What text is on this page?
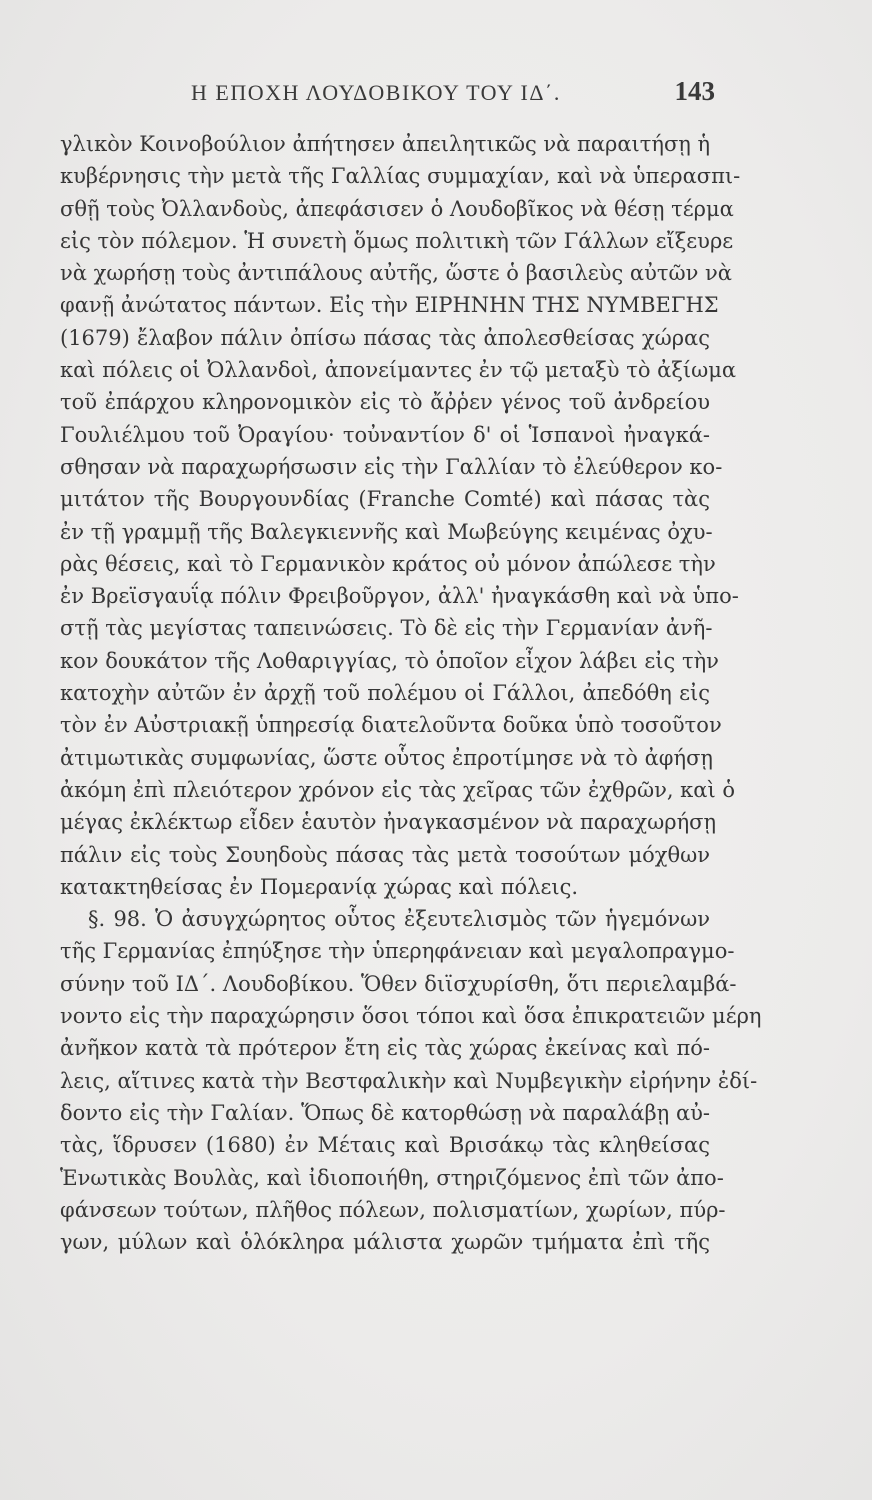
Η ΕΠΟΧΗ ΛΟΥΔΟΒΙΚΟΥ ΤΟΥ ΙΔ΄.	143
γλικὸν Κοινοβούλιον ἀπήτησεν ἀπειλητικῶς νὰ παραιτήσῃ ἡ
κυβέρνησις τὴν μετὰ τῆς Γαλλίας συμμαχίαν, καὶ νὰ ὑπερασπι-
σθῇ τοὺς Ὀλλανδοὺς, ἀπεφάσισεν ὁ Λουδοβῖκος νὰ θέσῃ τέρμα
εἰς τὸν πόλεμον. Ἡ συνετὴ ὅμως πολιτικὴ τῶν Γάλλων εἴξευρε
νὰ χωρήσῃ τοὺς ἀντιπάλους αὐτῆς, ὥστε ὁ βασιλεὺς αὐτῶν νὰ
φανῇ ἀνώτατος πάντων. Εἰς τὴν ΕΙΡΗΝΗΝ ΤΗΣ ΝΥΜΒΕΓΗΣ
(1679) ἔλαβον πάλιν ὀπίσω πάσας τὰς ἀπολεσθείσας χώρας
καὶ πόλεις οἱ Ὀλλανδοὶ, ἀπονείμαντες ἐν τῷ μεταξὺ τὸ ἀξίωμα
τοῦ ἐπάρχου κληρονομικὸν εἰς τὸ ἄῤῥεν γένος τοῦ ἀνδρείου
Γουλιέλμου τοῦ Ὀραγίου· τοὐναντίον δ' οἱ Ἱσπανοὶ ἠναγκά-
σθησαν νὰ παραχωρήσωσιν εἰς τὴν Γαλλίαν τὸ ἐλεύθερον κο-
μιτάτον τῆς Βουργουνδίας (Franche Comté) καὶ πάσας τὰς
ἐν τῇ γραμμῇ τῆς Βαλεγκιεννῆς καὶ Μωβεύγης κειμένας ὀχυ-
ρὰς θέσεις, καὶ τὸ Γερμανικὸν κράτος οὐ μόνον ἀπώλεσε τὴν
ἐν Βρεϊσγαυΐᾳ πόλιν Φρειβοῦργον, ἀλλ' ἠναγκάσθη καὶ νὰ ὑπο-
στῇ τὰς μεγίστας ταπεινώσεις. Τὸ δὲ εἰς τὴν Γερμανίαν ἀνῆ-
κον δουκάτον τῆς Λοθαριγγίας, τὸ ὁποῖον εἶχον λάβει εἰς τὴν
κατοχὴν αὐτῶν ἐν ἀρχῇ τοῦ πολέμου οἱ Γάλλοι, ἀπεδόθη εἰς
τὸν ἐν Αὐστριακῇ ὑπηρεσίᾳ διατελοῦντα δοῦκα ὑπὸ τοσοῦτον
ἀτιμωτικὰς συμφωνίας, ὥστε οὗτος ἐπροτίμησε νὰ τὸ ἀφήσῃ
ἀκόμη ἐπὶ πλειότερον χρόνον εἰς τὰς χεῖρας τῶν ἐχθρῶν, καὶ ὁ
μέγας ἐκλέκτωρ εἶδεν ἑαυτὸν ἠναγκασμένον νὰ παραχωρήσῃ
πάλιν εἰς τοὺς Σουηδοὺς πάσας τὰς μετὰ τοσούτων μόχθων
κατακτηθείσας ἐν Πομερανίᾳ χώρας καὶ πόλεις.
§. 98. Ὁ ἀσυγχώρητος οὗτος ἐξευτελισμὸς τῶν ἡγεμόνων
τῆς Γερμανίας ἐπηύξησε τὴν ὑπερηφάνειαν καὶ μεγαλοπραγμο-
σύνην τοῦ ΙΔ΄. Λουδοβίκου. Ὅθεν διϊσχυρίσθη, ὅτι περιελαμβά-
νοντο εἰς τὴν παραχώρησιν ὅσοι τόποι καὶ ὅσα ἐπικρατειῶν μέρη
ἀνῆκον κατὰ τὰ πρότερον ἔτη εἰς τὰς χώρας ἐκείνας καὶ πό-
λεις, αἵτινες κατὰ τὴν Βεστφαλικὴν καὶ Νυμβεγικὴν εἰρήνην ἐδί-
δοντο εἰς τὴν Γαλίαν. Ὅπως δὲ κατορθώσῃ νὰ παραλάβῃ αὐ-
τὰς, ἵδρυσεν (1680) ἐν Μέταις καὶ Βρισάκῳ τὰς κληθείσας
Ἑνωτικὰς Βουλὰς, καὶ ἰδιοποιήθη, στηριζόμενος ἐπὶ τῶν ἀπο-
φάνσεων τούτων, πλῆθος πόλεων, πολισματίων, χωρίων, πύρ-
γων, μύλων καὶ ὁλόκληρα μάλιστα χωρῶν τμήματα ἐπὶ τῆς
